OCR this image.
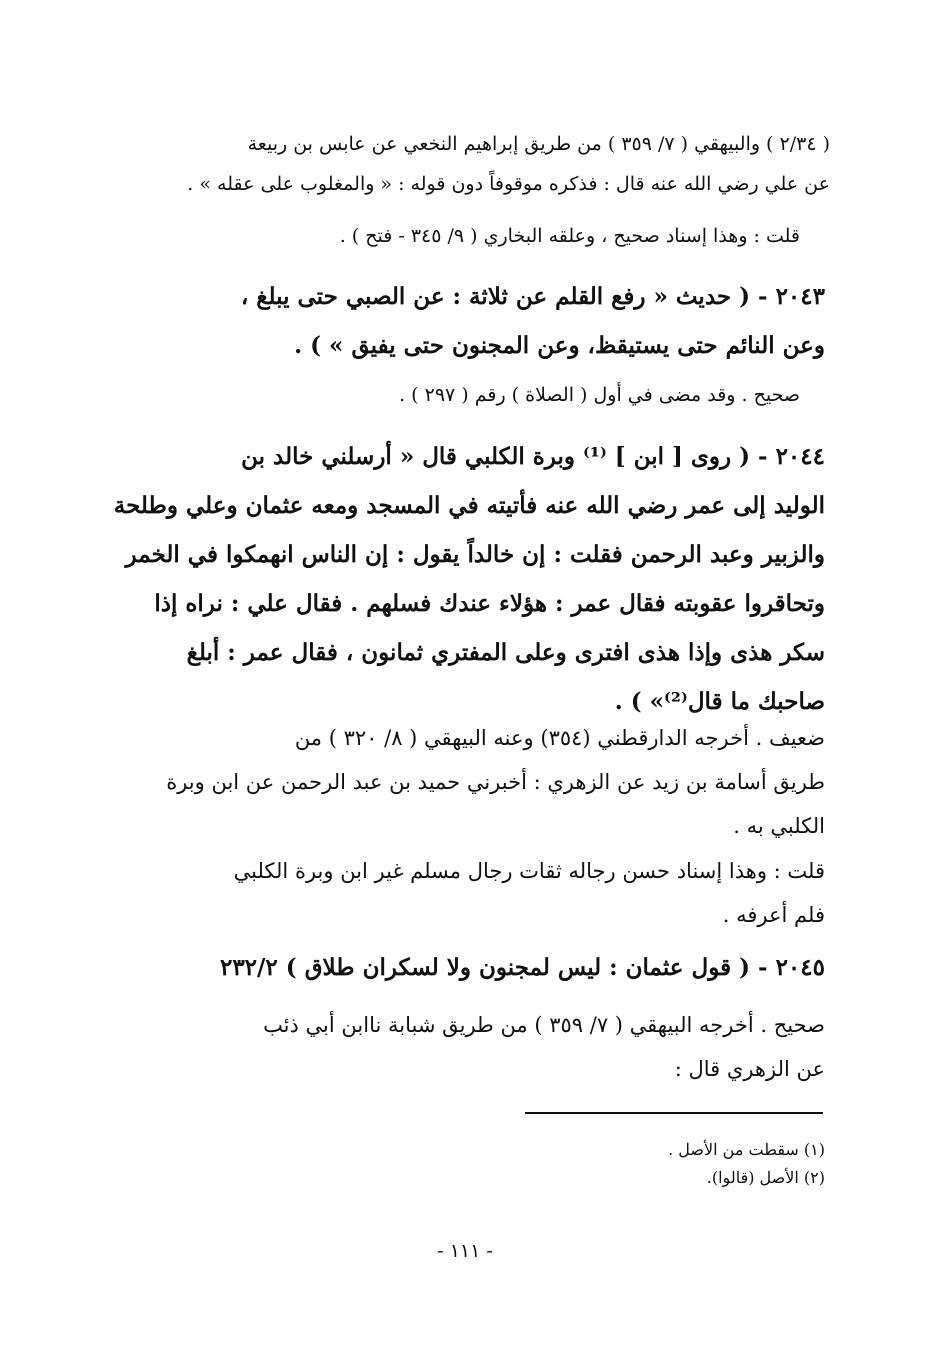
( ٢/٣٤ ) والبيهقي ( ٧/ ٣٥٩ ) من طريق إبراهيم النخعي عن عابس بن ربيعة
عن علي رضي الله عنه قال : فذكره موقوفاً دون قوله : « والمغلوب على عقله » .
قلت : وهذا إسناد صحيح ، وعلقه البخاري ( ٩/ ٣٤٥ - فتح ) .
٢٠٤٣ - ( حديث « رفع القلم عن ثلاثة : عن الصبي حتى يبلغ ،
وعن النائم حتى يستيقظ، وعن المجنون حتى يفيق » ) .
صحيح . وقد مضى في أول ( الصلاة ) رقم ( ٢٩٧ ) .
٢٠٤٤ - ( روى [ ابن ] ⁽¹⁾ وبرة الكلبي قال « أرسلني خالد بن
الوليد إلى عمر رضي الله عنه فأتيته في المسجد ومعه عثمان وعلي وطلحة
والزبير وعبد الرحمن فقلت : إن خالداً يقول : إن الناس انهمكوا في الخمر
وتحاقروا عقوبته فقال عمر : هؤلاء عندك فسلهم . فقال علي : نراه إذا
سكر هذى وإذا هذى افترى وعلى المفتري ثمانون ، فقال عمر : أبلغ
صاحبك ما قال⁽²⁾» ) .
ضعيف . أخرجه الدارقطني (٣٥٤) وعنه البيهقي ( ٨/ ٣٢٠ ) من
طريق أسامة بن زيد عن الزهري : أخبرني حميد بن عبد الرحمن عن ابن وبرة
الكلبي به .
قلت : وهذا إسناد حسن رجاله ثقات رجال مسلم غير ابن وبرة الكلبي
فلم أعرفه .
٢٠٤٥ - ( قول عثمان : ليس لمجنون ولا لسكران طلاق ) ٢٣٢/٢
صحيح . أخرجه البيهقي ( ٧/ ٣٥٩ ) من طريق شبابة ناابن أبي ذئب
عن الزهري قال :
(١) سقطت من الأصل .
(٢) الأصل (قالوا).
- ١١١ -
